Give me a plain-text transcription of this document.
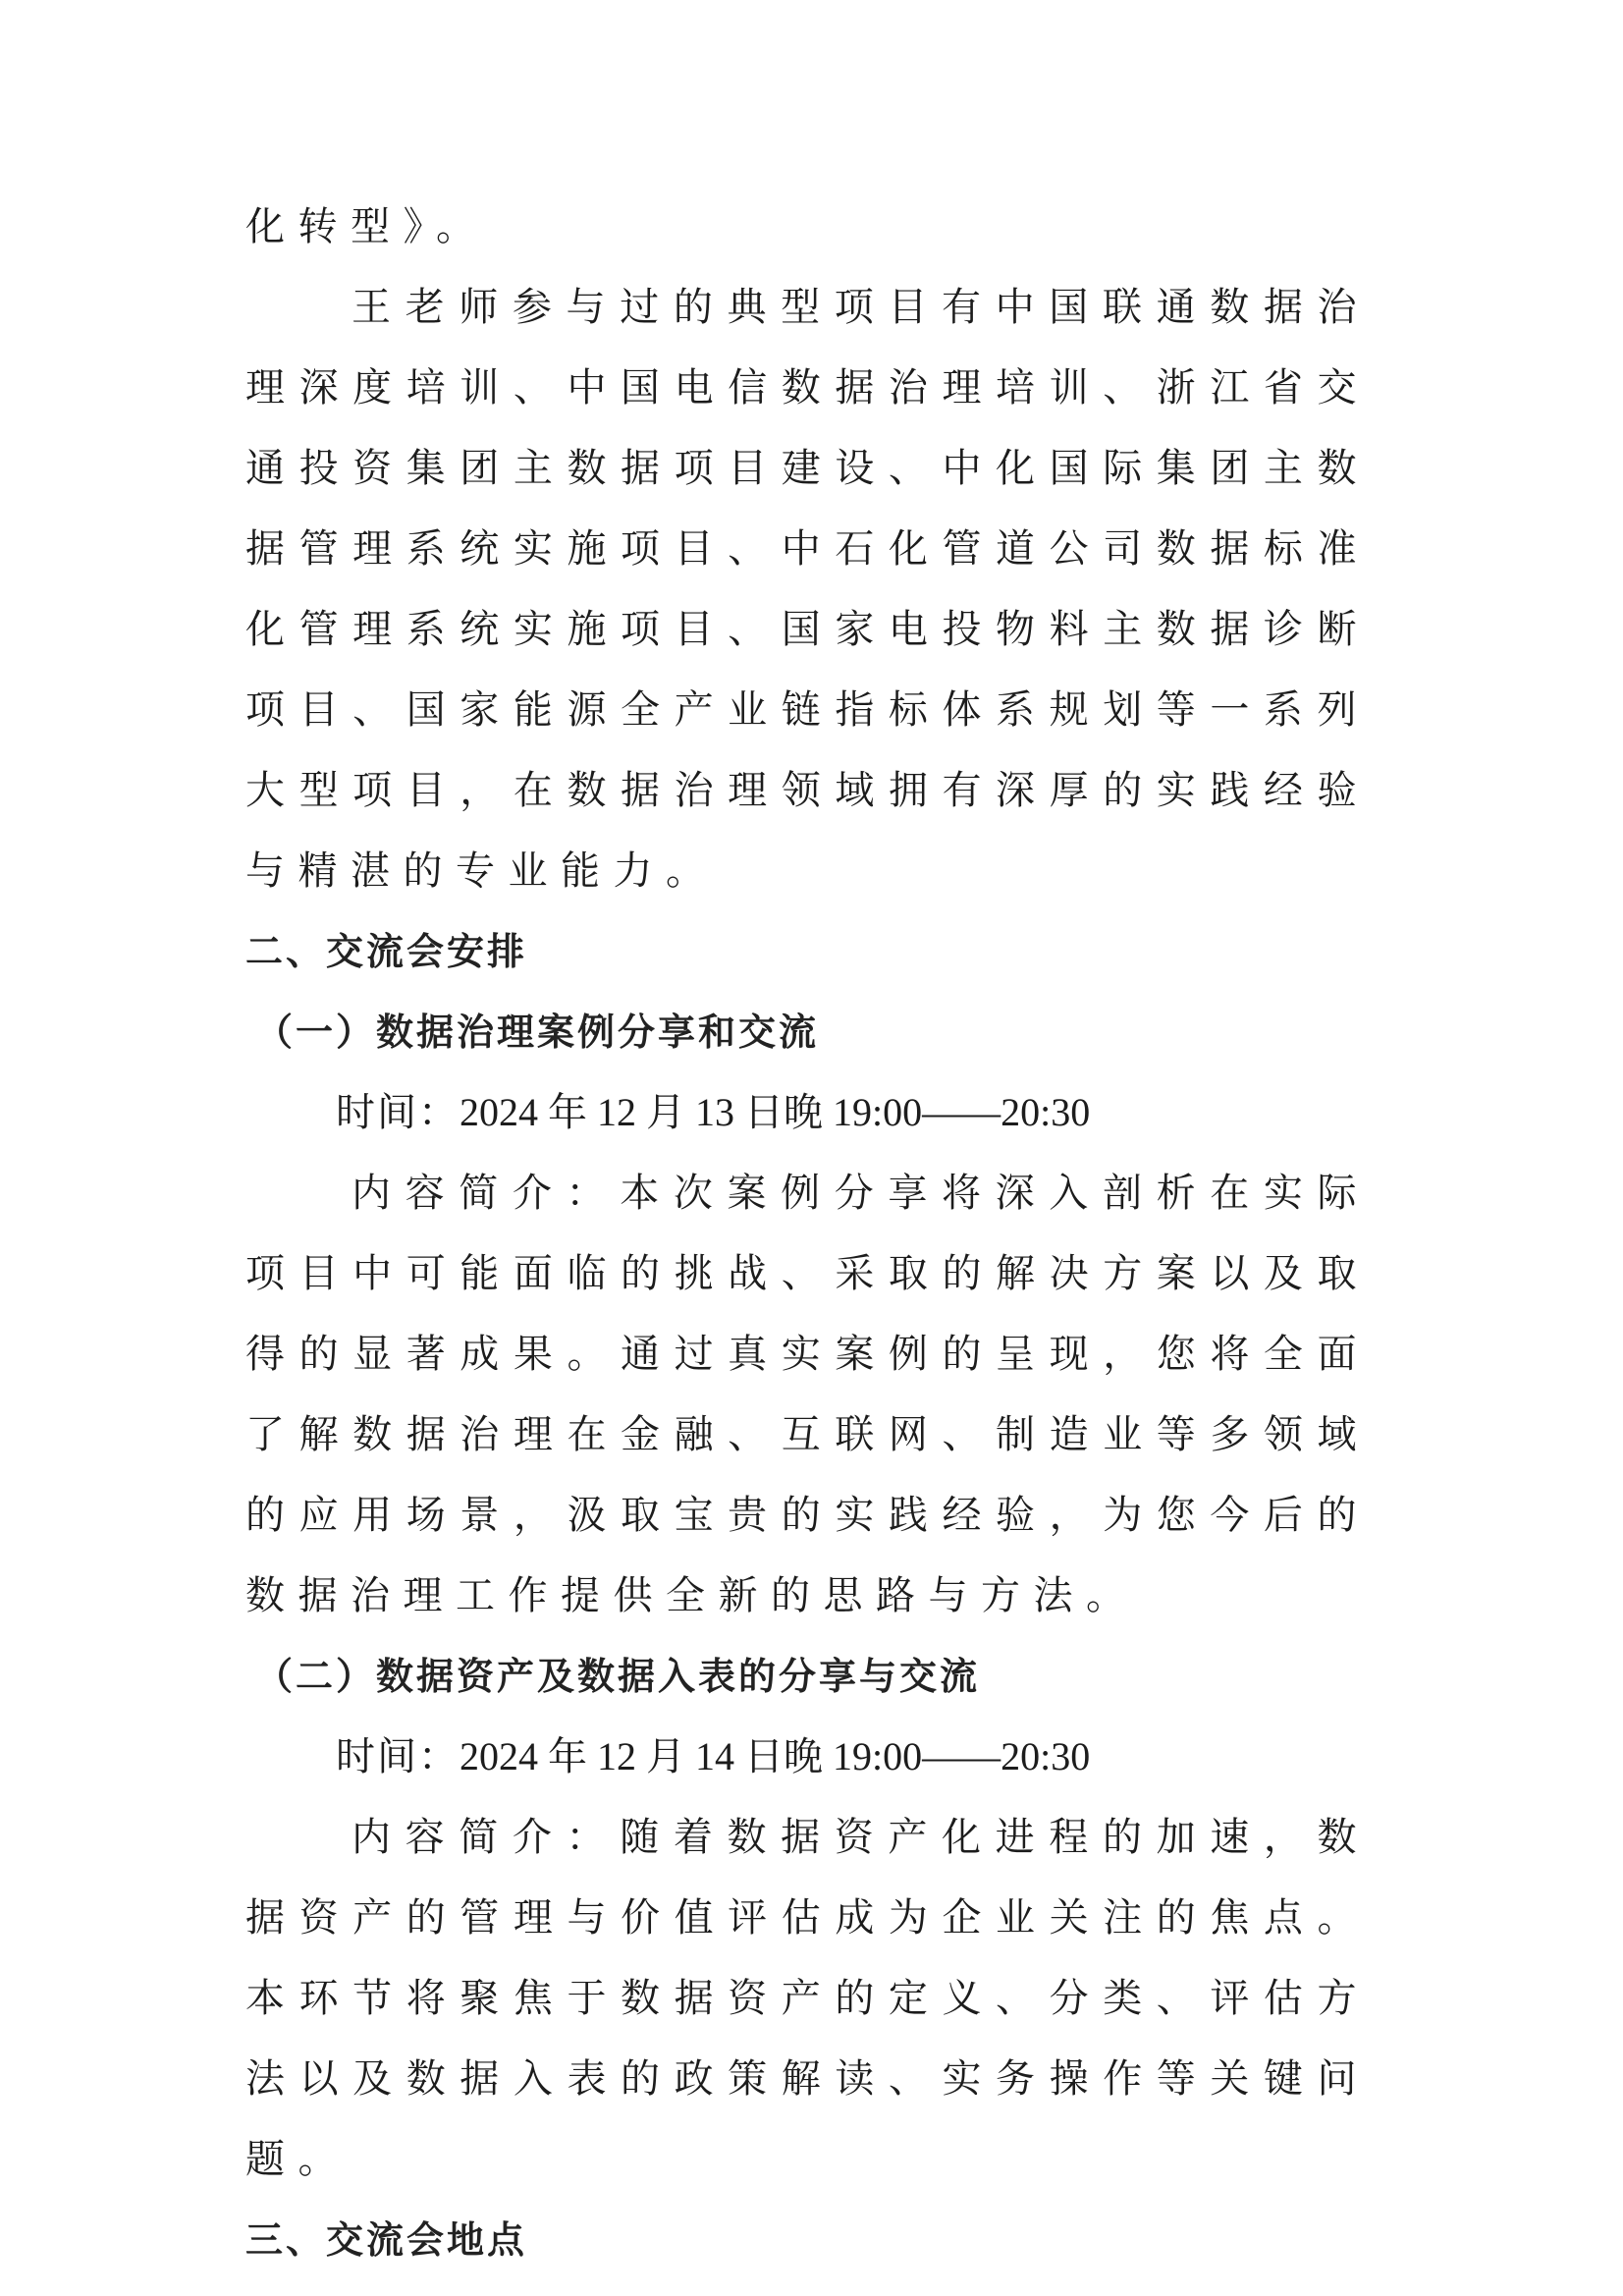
化转型》。

王老师参与过的典型项目有中国联通数据治理深度培训、中国电信数据治理培训、浙江省交通投资集团主数据项目建设、中化国际集团主数据管理系统实施项目、中石化管道公司数据标准化管理系统实施项目、国家电投物料主数据诊断项目、国家能源全产业链指标体系规划等一系列大型项目，在数据治理领域拥有深厚的实践经验与精湛的专业能力。

二、交流会安排
（一）数据治理案例分享和交流

时间：2024 年 12 月 13 日晚 19:00——20:30

内容简介：本次案例分享将深入剖析在实际项目中可能面临的挑战、采取的解决方案以及取得的显著成果。通过真实案例的呈现，您将全面了解数据治理在金融、互联网、制造业等多领域的应用场景，汲取宝贵的实践经验，为您今后的数据治理工作提供全新的思路与方法。

（二）数据资产及数据入表的分享与交流

时间：2024 年 12 月 14 日晚 19:00——20:30

内容简介：随着数据资产化进程的加速，数据资产的管理与价值评估成为企业关注的焦点。本环节将聚焦于数据资产的定义、分类、评估方法以及数据入表的政策解读、实务操作等关键问题。

三、交流会地点
